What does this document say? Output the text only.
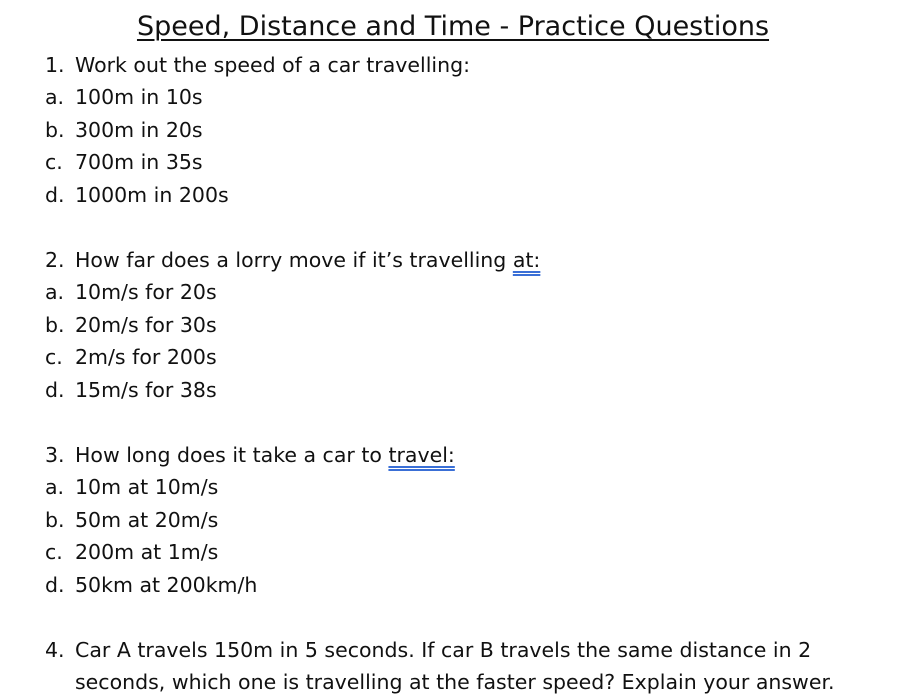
Speed, Distance and Time - Practice Questions
1. Work out the speed of a car travelling:
a. 100m in 10s
b. 300m in 20s
c. 700m in 35s
d. 1000m in 200s
2. How far does a lorry move if it’s travelling at:
a. 10m/s for 20s
b. 20m/s for 30s
c. 2m/s for 200s
d. 15m/s for 38s
3. How long does it take a car to travel:
a. 10m at 10m/s
b. 50m at 20m/s
c. 200m at 1m/s
d. 50km at 200km/h
4. Car A travels 150m in 5 seconds. If car B travels the same distance in 2
seconds, which one is travelling at the faster speed? Explain your answer.
